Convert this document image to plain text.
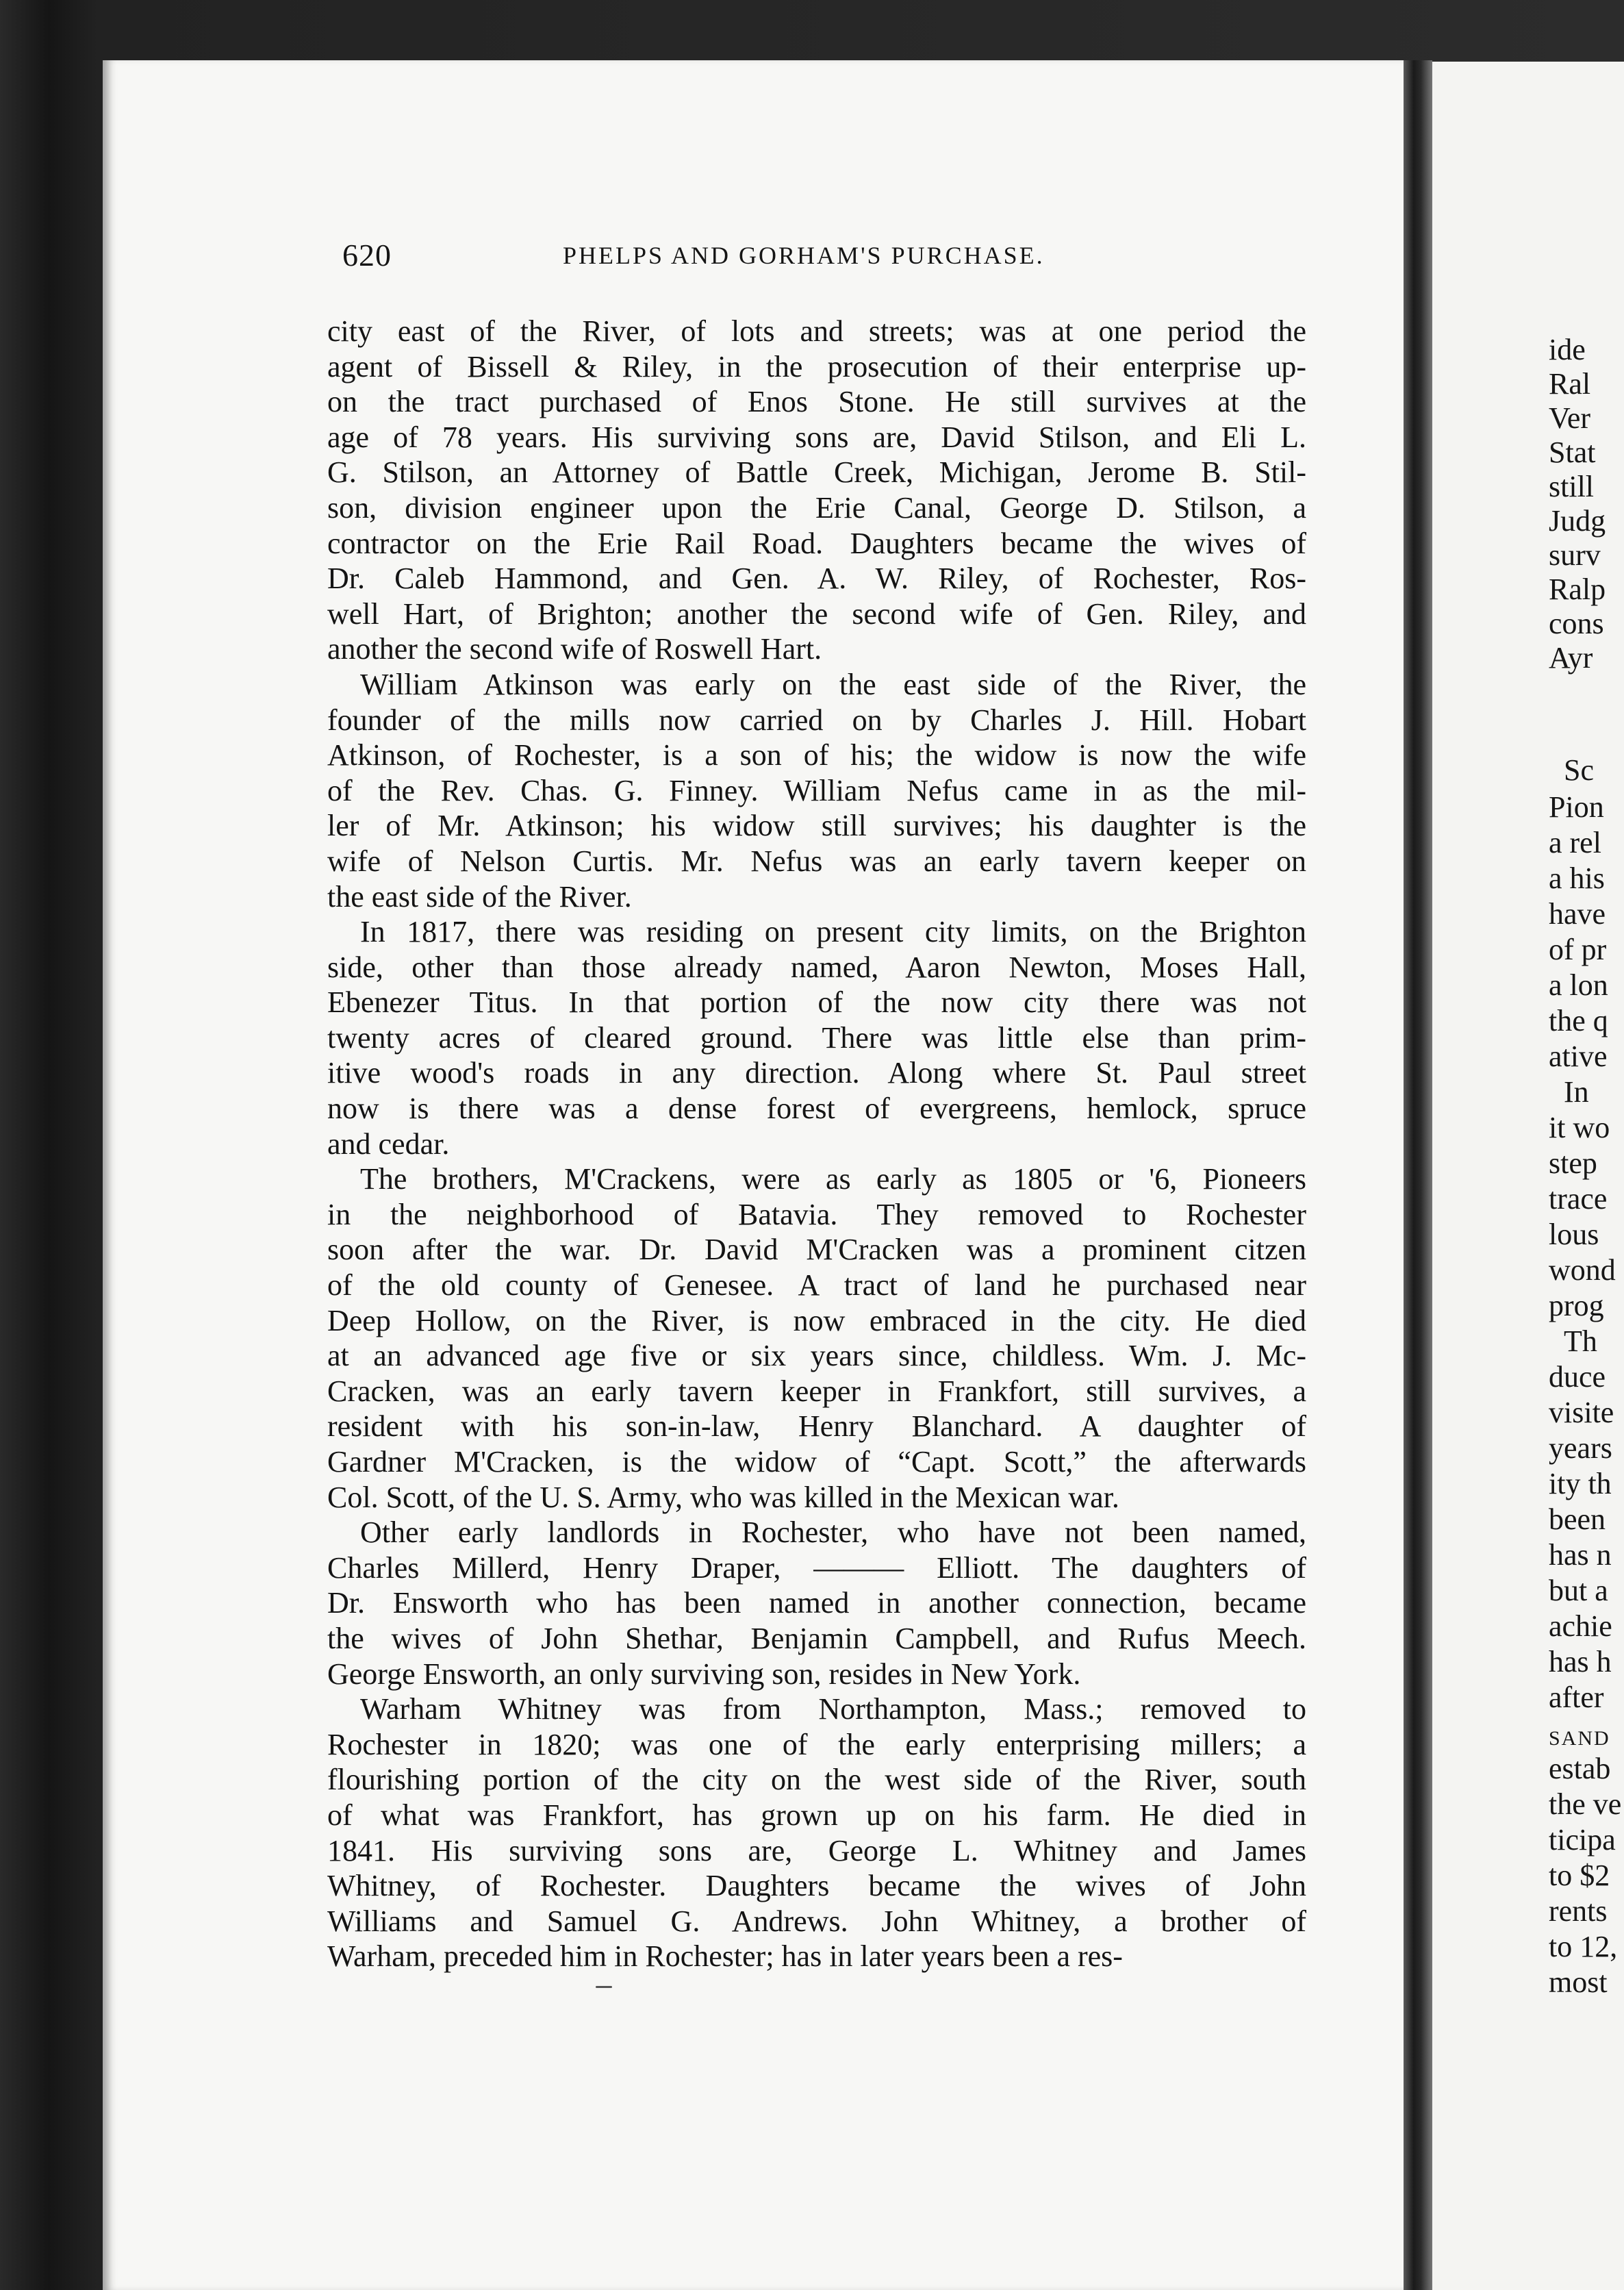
620	PHELPS AND GORHAM'S PURCHASE.
city east of the River, of lots and streets; was at one period the
agent of Bissell & Riley, in the prosecution of their enterprise up-
on the tract purchased of Enos Stone. He still survives at the
age of 78 years. His surviving sons are, David Stilson, and Eli L.
G. Stilson, an Attorney of Battle Creek, Michigan, Jerome B. Stil-
son, division engineer upon the Erie Canal, George D. Stilson, a
contractor on the Erie Rail Road. Daughters became the wives of
Dr. Caleb Hammond, and Gen. A. W. Riley, of Rochester, Ros-
well Hart, of Brighton; another the second wife of Gen. Riley, and
another the second wife of Roswell Hart.
William Atkinson was early on the east side of the River, the
founder of the mills now carried on by Charles J. Hill. Hobart
Atkinson, of Rochester, is a son of his; the widow is now the wife
of the Rev. Chas. G. Finney. William Nefus came in as the mil-
ler of Mr. Atkinson; his widow still survives; his daughter is the
wife of Nelson Curtis. Mr. Nefus was an early tavern keeper on
the east side of the River.
In 1817, there was residing on present city limits, on the Brighton
side, other than those already named, Aaron Newton, Moses Hall,
Ebenezer Titus. In that portion of the now city there was not
twenty acres of cleared ground. There was little else than prim-
itive wood's roads in any direction. Along where St. Paul street
now is there was a dense forest of evergreens, hemlock, spruce
and cedar.
The brothers, M'Crackens, were as early as 1805 or '6, Pioneers
in the neighborhood of Batavia. They removed to Rochester
soon after the war. Dr. David M'Cracken was a prominent citzen
of the old county of Genesee. A tract of land he purchased near
Deep Hollow, on the River, is now embraced in the city. He died
at an advanced age five or six years since, childless. Wm. J. Mc-
Cracken, was an early tavern keeper in Frankfort, still survives, a
resident with his son-in-law, Henry Blanchard. A daughter of
Gardner M'Cracken, is the widow of “Capt. Scott,” the afterwards
Col. Scott, of the U. S. Army, who was killed in the Mexican war.
Other early landlords in Rochester, who have not been named,
Charles Millerd, Henry Draper, ——— Elliott. The daughters of
Dr. Ensworth who has been named in another connection, became
the wives of John Shethar, Benjamin Campbell, and Rufus Meech.
George Ensworth, an only surviving son, resides in New York.
Warham Whitney was from Northampton, Mass.; removed to
Rochester in 1820; was one of the early enterprising millers; a
flourishing portion of the city on the west side of the River, south
of what was Frankfort, has grown up on his farm. He died in
1841. His surviving sons are, George L. Whitney and James
Whitney, of Rochester. Daughters became the wives of John
Williams and Samuel G. Andrews. John Whitney, a brother of
Warham, preceded him in Rochester; has in later years been a res-
ide
Ral
Ver
Stat
still
Judg
surv
Ralp
cons
Ayr
Sc
Pion
a rel
a his
have
of pr
a lon
the q
ative
In
it wo
step
trace
lous
wond
prog
Th
duce
visite
years
ity th
been
has n
but a
achie
has h
after
SAND
estab
the ve
ticipa
to $2
rents
to 12,
most
